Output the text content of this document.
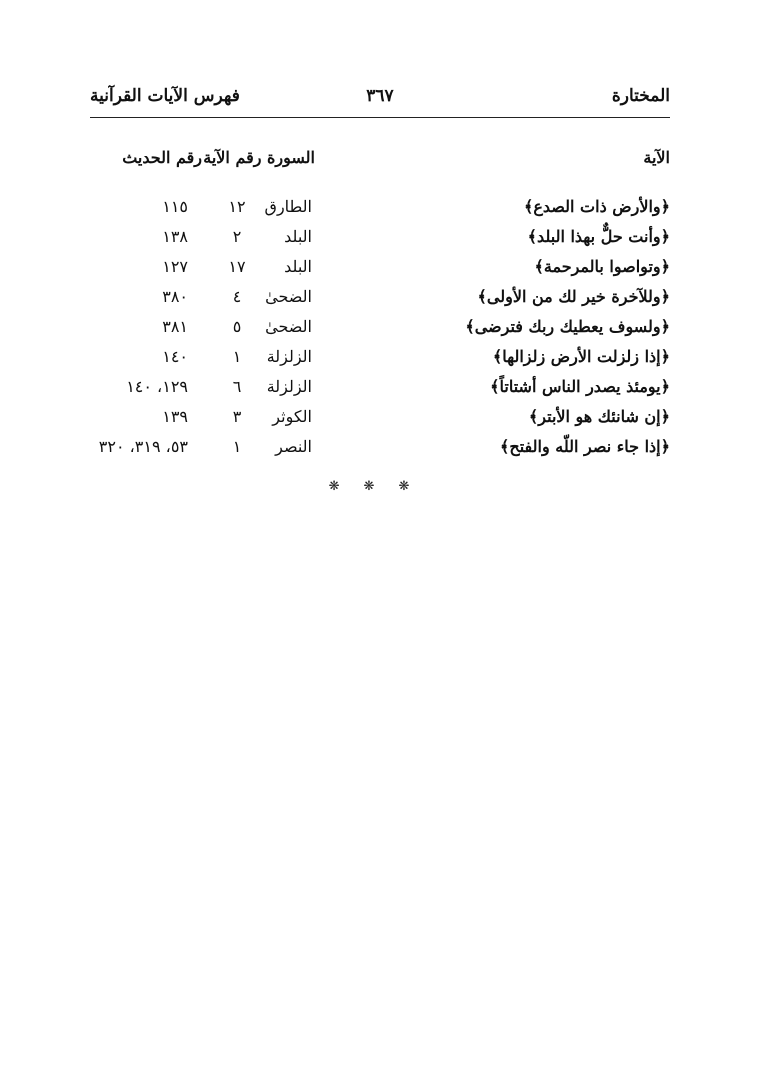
المختارة
٣٦٧
فهرس الآيات القرآنية
الآية
السورة رقم الآية
رقم الحديث
﴿والأرض ذات الصدع﴾
الطارق
١٢
١١٥
﴿وأنت حلٌّ بهذا البلد﴾
البلد
٢
١٣٨
﴿وتواصوا بالمرحمة﴾
البلد
١٧
١٢٧
﴿وللآخرة خير لك من الأولى﴾
الضحىٰ
٤
٣٨٠
﴿ولسوف يعطيك ربك فترضى﴾
الضحىٰ
٥
٣٨١
﴿إذا زلزلت الأرض زلزالها﴾
الزلزلة
١
١٤٠
﴿يومئذ يصدر الناس أشتاتاً﴾
الزلزلة
٦
١٢٩، ١٤٠
﴿إن شانئك هو الأبتر﴾
الكوثر
٣
١٣٩
﴿إذا جاء نصر اللّه والفتح﴾
النصر
١
٥٣، ٣١٩، ٣٢٠
❋❋❋
